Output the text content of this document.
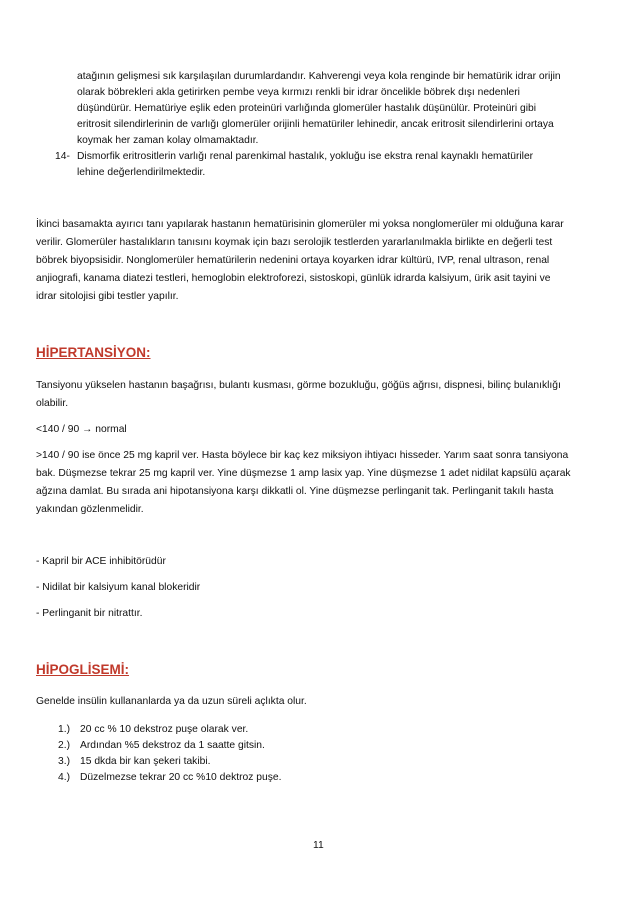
atağının gelişmesi sık karşılaşılan durumlardandır. Kahverengi veya kola renginde bir hematürik idrar orijin

olarak böbrekleri akla getirirken pembe veya kırmızı renkli bir idrar öncelikle böbrek dışı nedenleri

düşündürür. Hematüriye eşlik eden proteinüri varlığında glomerüler hastalık düşünülür. Proteinüri gibi

eritrosit silendirlerinin de varlığı glomerüler orijinli hematüriler lehinedir, ancak eritrosit silendirlerini ortaya

koymak her zaman kolay olmamaktadır.

14- Dismorfik eritrositlerin varlığı renal parenkimal hastalık, yokluğu ise ekstra renal kaynaklı hematüriler

lehine değerlendirilmektedir.

İkinci basamakta ayırıcı tanı yapılarak hastanın hematürisinin glomerüler mi yoksa nonglomerüler mi olduğuna karar

verilir. Glomerüler hastalıkların tanısını koymak için bazı serolojik testlerden yararlanılmakla birlikte en değerli test

böbrek biyopsisidir. Nonglomerüler hematürilerin nedenini ortaya koyarken idrar kültürü, IVP, renal ultrason, renal

anjiografi, kanama diatezi testleri, hemoglobin elektroforezi, sistoskopi, günlük idrarda kalsiyum, ürik asit tayini ve

idrar sitolojisi gibi testler yapılır.

HİPERTANSİYON:

Tansiyonu yükselen hastanın başağrısı, bulantı kusması, görme bozukluğu, göğüs ağrısı, dispnesi, bilinç bulanıklığı

olabilir.

<140 / 90 → normal

>140 / 90 ise önce 25 mg kapril ver. Hasta böylece bir kaç kez miksiyon ihtiyacı hisseder. Yarım saat sonra tansiyona

bak. Düşmezse tekrar 25 mg kapril ver. Yine düşmezse 1 amp lasix yap. Yine düşmezse 1 adet nidilat kapsülü açarak

ağzına damlat. Bu sırada ani hipotansiyona karşı dikkatli ol. Yine düşmezse perlinganit tak. Perlinganit takılı hasta

yakından gözlenmelidir.

- Kapril bir ACE inhibitörüdür

- Nidilat bir kalsiyum kanal blokeridir

- Perlinganit bir nitrattır.

HİPOGLİSEMİ:

Genelde insülin kullananlarda ya da uzun süreli açlıkta olur.

1.) 20 cc % 10 dekstroz puşe olarak ver.

2.) Ardından %5 dekstroz da 1 saatte gitsin.

3.) 15 dkda bir kan şekeri takibi.

4.) Düzelmezse tekrar 20 cc %10 dektroz puşe.

11
